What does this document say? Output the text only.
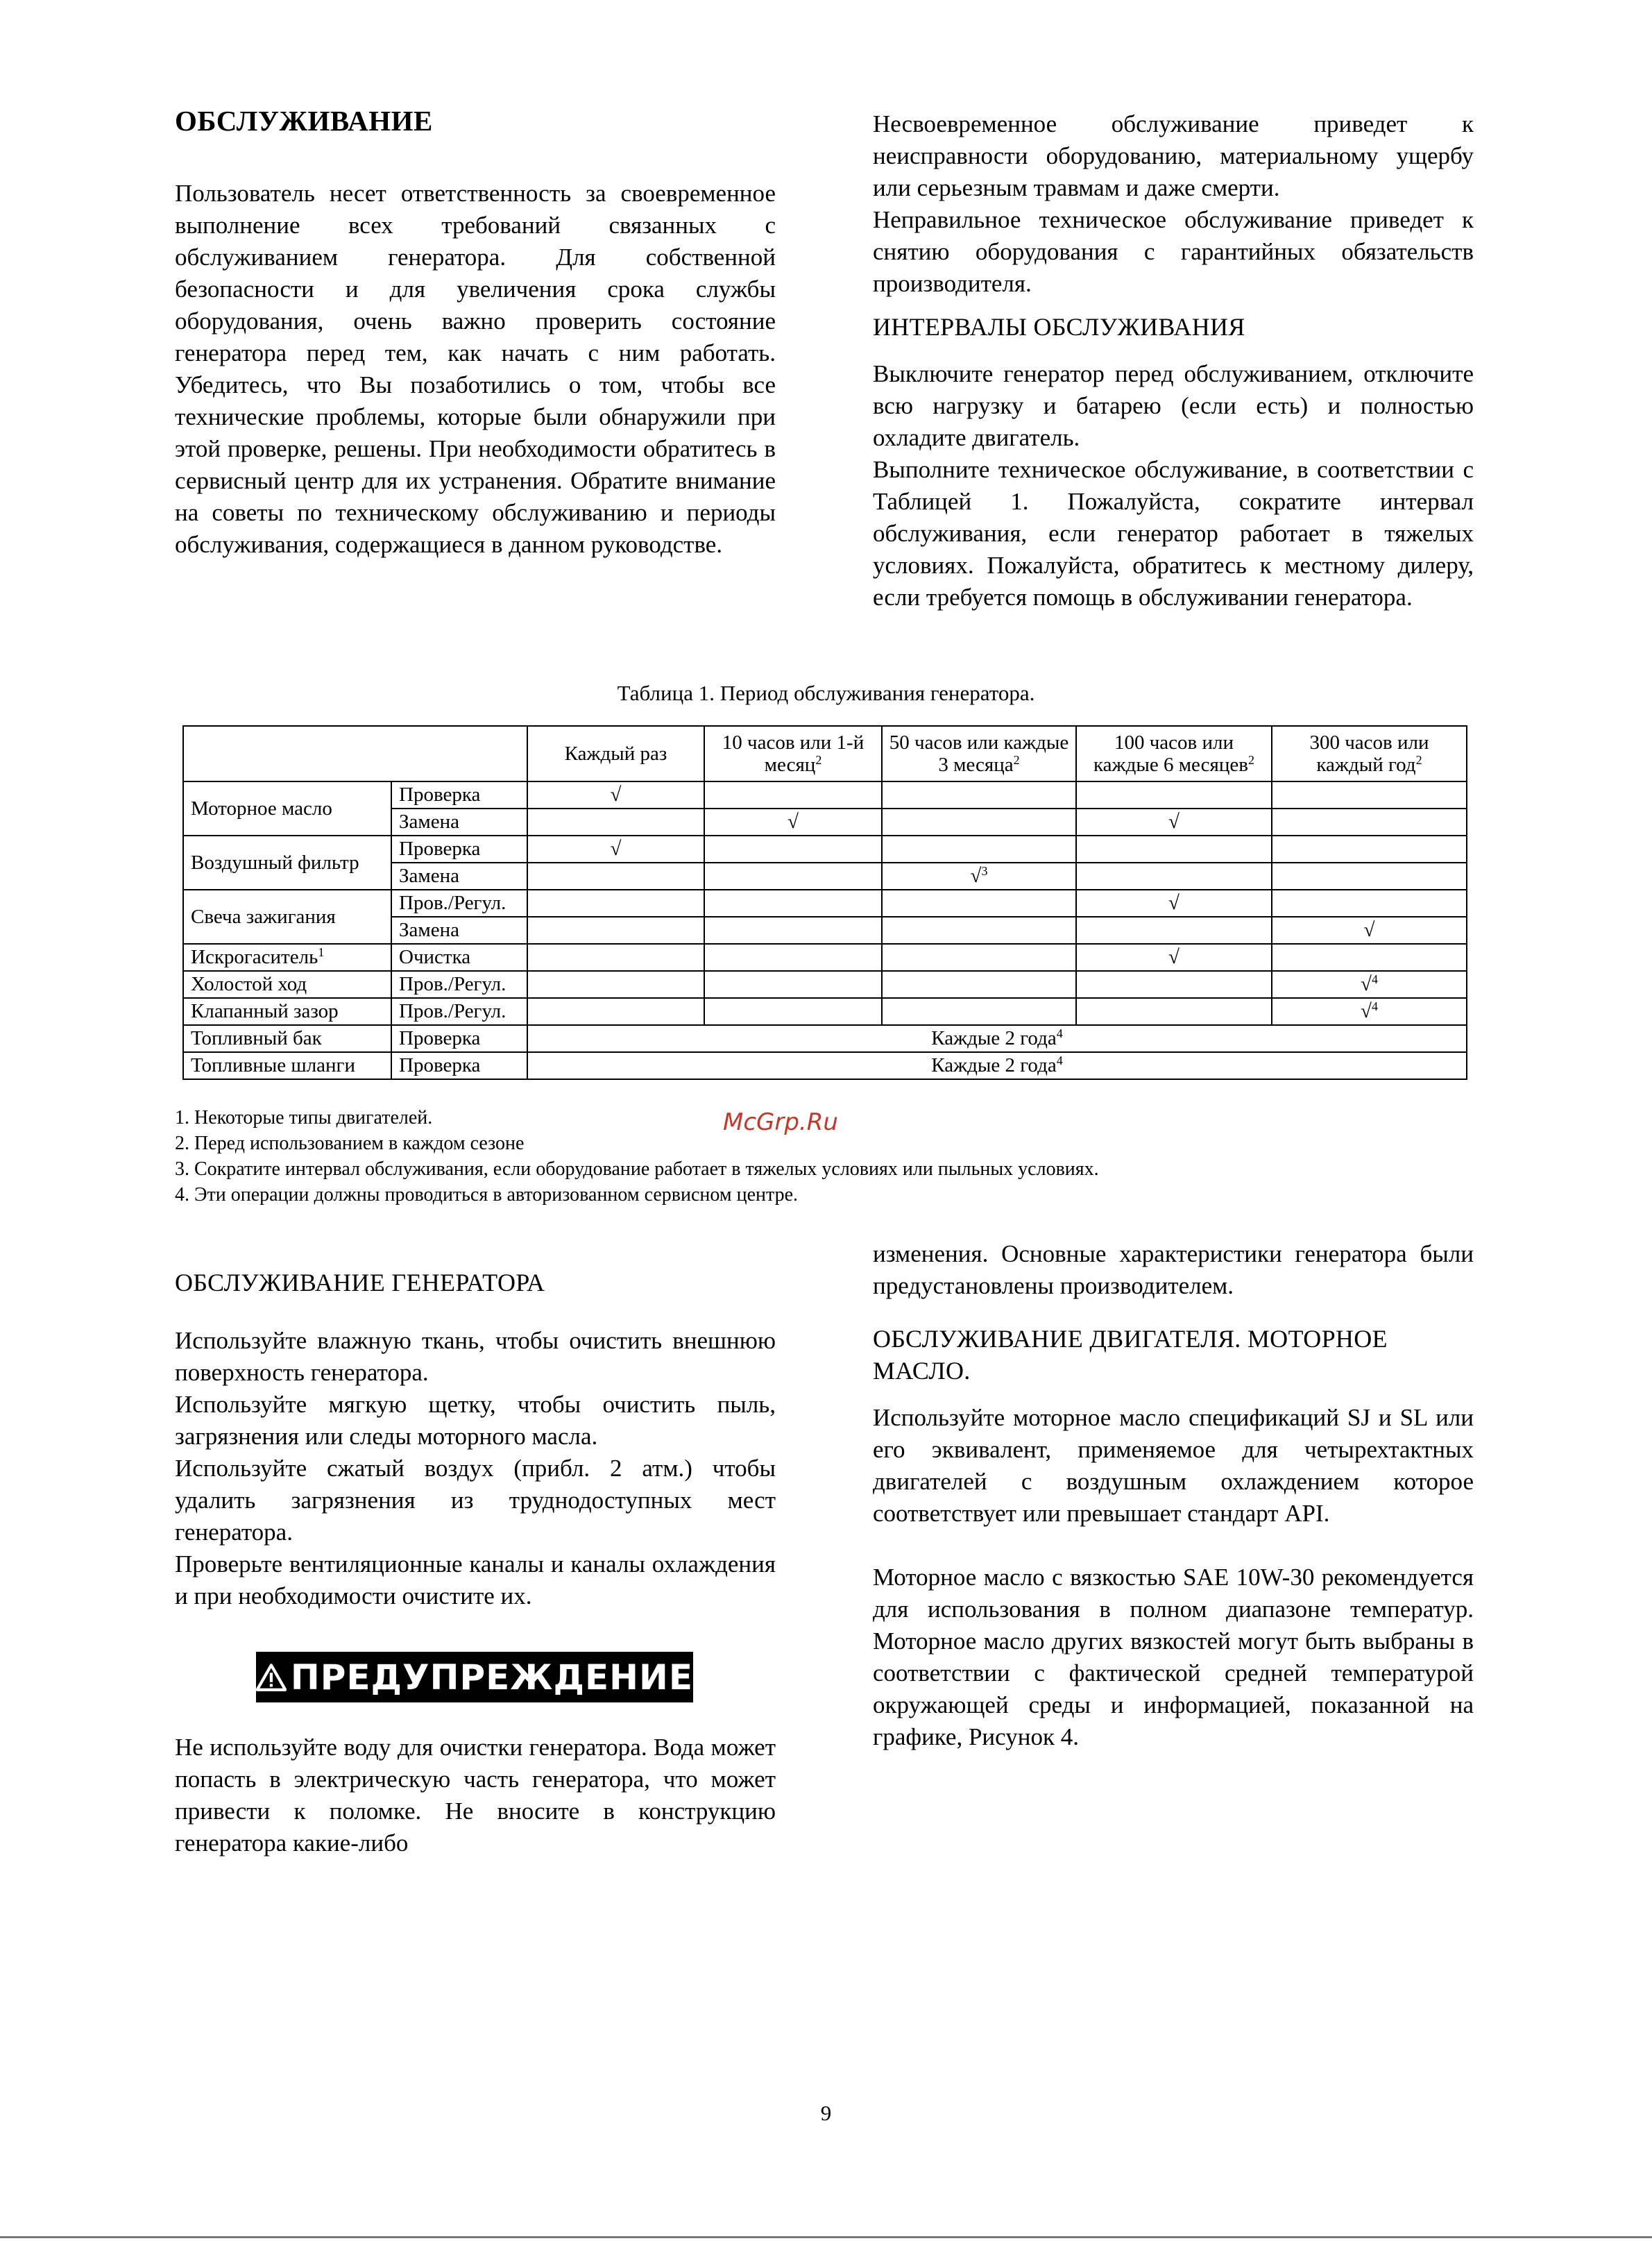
ОБСЛУЖИВАНИЕ
Пользователь несет ответственность за своевременное выполнение всех требований связанных с обслуживанием генератора. Для собственной безопасности и для увеличения срока службы оборудования, очень важно проверить состояние генератора перед тем, как начать с ним работать. Убедитесь, что Вы позаботились о том, чтобы все технические проблемы, которые были обнаружили при этой проверке, решены. При необходимости обратитесь в сервисный центр для их устранения. Обратите внимание на советы по техническому обслуживанию и периоды обслуживания, содержащиеся в данном руководстве.
Несвоевременное обслуживание приведет к неисправности оборудованию, материальному ущербу или серьезным травмам и даже смерти.
Неправильное техническое обслуживание приведет к снятию оборудования с гарантийных обязательств производителя.
ИНТЕРВАЛЫ ОБСЛУЖИВАНИЯ
Выключите генератор перед обслуживанием, отключите всю нагрузку и батарею (если есть) и полностью охладите двигатель.
Выполните техническое обслуживание, в соответствии с Таблицей 1. Пожалуйста, сократите интервал обслуживания, если генератор работает в тяжелых условиях. Пожалуйста, обратитесь к местному дилеру, если требуется помощь в обслуживании генератора.
Таблица 1. Период обслуживания генератора.
		Каждый раз	10 часов или 1-й месяц$^2$	50 часов или каждые 3 месяца$^2$	100 часов или каждые 6 месяцев$^2$	300 часов или каждый год$^2$
Моторное масло	Проверка	√				
	Замена		√		√	
Воздушный фильтр	Проверка	√				
	Замена			√$^3$		
Свеча зажигания	Пров./Регул.				√	
	Замена					√
Искрогаситель$^1$	Очистка				√	
Холостой ход	Пров./Регул.					√$^4$
Клапанный зазор	Пров./Регул.					√$^4$
Топливный бак	Проверка	Каждые 2 года$^4$
Топливные шланги	Проверка	Каждые 2 года$^4$
1. Некоторые типы двигателей.
2. Перед использованием в каждом сезоне
3. Сократите интервал обслуживания, если оборудование работает в тяжелых условиях или пыльных условиях.
4. Эти операции должны проводиться в авторизованном сервисном центре.
McGrp.Ru
ОБСЛУЖИВАНИЕ ГЕНЕРАТОРА
Используйте влажную ткань, чтобы очистить внешнюю поверхность генератора.
Используйте мягкую щетку, чтобы очистить пыль, загрязнения или следы моторного масла.
Используйте сжатый воздух (прибл. 2 атм.) чтобы удалить загрязнения из труднодоступных мест генератора.
Проверьте вентиляционные каналы и каналы охлаждения и при необходимости очистите их.
ПРЕДУПРЕЖДЕНИЕ
Не используйте воду для очистки генератора. Вода может попасть в электрическую часть генератора, что может привести к поломке. Не вносите в конструкцию генератора какие-либо
изменения. Основные характеристики генератора были предустановлены производителем.
ОБСЛУЖИВАНИЕ ДВИГАТЕЛЯ. МОТОРНОЕ МАСЛО.
Используйте моторное масло спецификаций SJ и SL или его эквивалент, применяемое для четырехтактных двигателей с воздушным охлаждением которое соответствует или превышает стандарт API.
Моторное масло с вязкостью SAE 10W-30 рекомендуется для использования в полном диапазоне температур. Моторное масло других вязкостей могут быть выбраны в соответствии с фактической средней температурой окружающей среды и информацией, показанной на графике, Рисунок 4.
9
